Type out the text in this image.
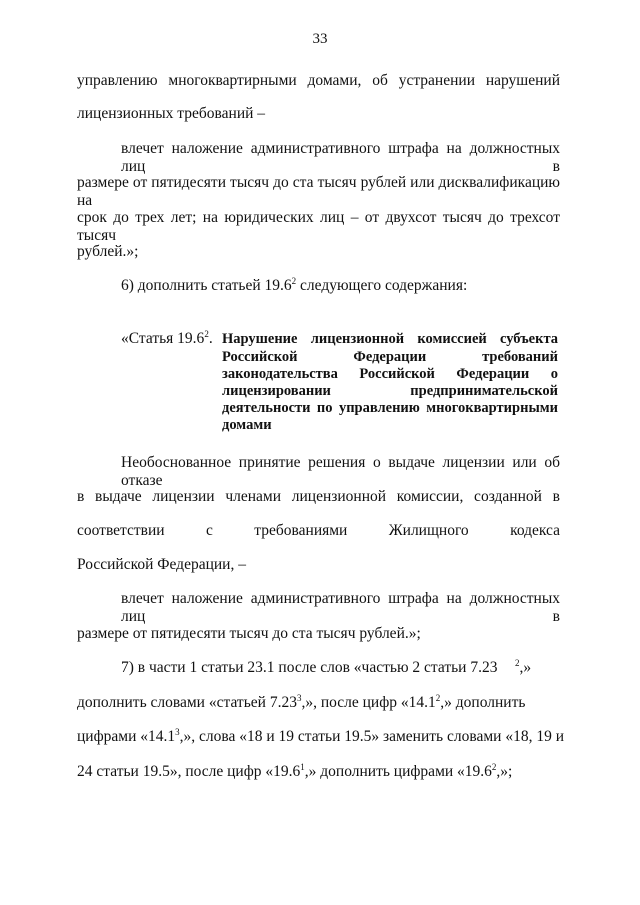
33
управлению многоквартирными домами, об устранении нарушений
лицензионных требований –
влечет наложение административного штрафа на должностных лиц в
размере от пятидесяти тысяч до ста тысяч рублей или дисквалификацию на
срок до трех лет; на юридических лиц – от двухсот тысяч до трехсот тысяч
рублей.»;
6) дополнить статьей 19.6$^2$ следующего содержания:
«Статья 19.6$^2$. Нарушение лицензионной комиссией субъекта
Российской Федерации требований
законодательства Российской Федерации о
лицензировании предпринимательской
деятельности по управлению многоквартирными
домами
Необоснованное принятие решения о выдаче лицензии или об отказе
в выдаче лицензии членами лицензионной комиссии, созданной в
соответствии с требованиями Жилищного кодекса
Российской Федерации, –
влечет наложение административного штрафа на должностных лиц в
размере от пятидесяти тысяч до ста тысяч рублей.»;
7) в части 1 статьи 23.1 после слов «частью 2 статьи 7.23 $^2$,»
дополнить словами «статьей 7.23$^3$,», после цифр «14.1$^2$,» дополнить
цифрами «14.1$^3$,», слова «18 и 19 статьи 19.5» заменить словами «18, 19 и
24 статьи 19.5», после цифр «19.6$^1$,» дополнить цифрами «19.6$^2$,»;
